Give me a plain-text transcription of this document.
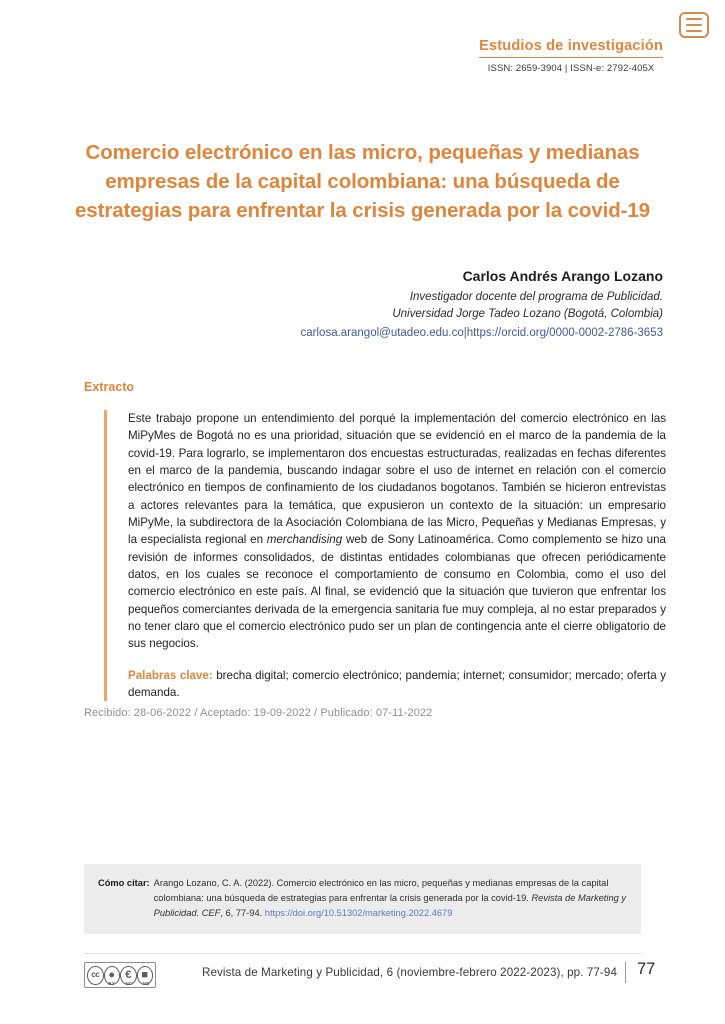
Estudios de investigación
ISSN: 2659-3904 | ISSN-e: 2792-405X
Comercio electrónico en las micro, pequeñas y medianas empresas de la capital colombiana: una búsqueda de estrategias para enfrentar la crisis generada por la covid-19
Carlos Andrés Arango Lozano
Investigador docente del programa de Publicidad.
Universidad Jorge Tadeo Lozano (Bogotá, Colombia)
carlosa.arangol@utadeo.edu.co|https://orcid.org/0000-0002-2786-3653
Extracto

Este trabajo propone un entendimiento del porqué la implementación del comercio electrónico en las MiPyMes de Bogotá no es una prioridad, situación que se evidenció en el marco de la pandemia de la covid-19. Para lograrlo, se implementaron dos encuestas estructuradas, realizadas en fechas diferentes en el marco de la pandemia, buscando indagar sobre el uso de internet en relación con el comercio electrónico en tiempos de confinamiento de los ciudadanos bogotanos. También se hicieron entrevistas a actores relevantes para la temática, que expusieron un contexto de la situación: un empresario MiPyMe, la subdirectora de la Asociación Colombiana de las Micro, Pequeñas y Medianas Empresas, y la especialista regional en merchandising web de Sony Latinoamérica. Como complemento se hizo una revisión de informes consolidados, de distintas entidades colombianas que ofrecen periódicamente datos, en los cuales se reconoce el comportamiento de consumo en Colombia, como el uso del comercio electrónico en este país. Al final, se evidenció que la situación que tuvieron que enfrentar los pequeños comerciantes derivada de la emergencia sanitaria fue muy compleja, al no estar preparados y no tener claro que el comercio electrónico pudo ser un plan de contingencia ante el cierre obligatorio de sus negocios.

Palabras clave: brecha digital; comercio electrónico; pandemia; internet; consumidor; mercado; oferta y demanda.

Recibido: 28-06-2022 / Aceptado: 19-09-2022 / Publicado: 07-11-2022
Cómo citar: Arango Lozano, C. A. (2022). Comercio electrónico en las micro, pequeñas y medianas empresas de la capital colombiana: una búsqueda de estrategias para enfrentar la crisis generada por la covid-19. Revista de Marketing y Publicidad. CEF, 6, 77-94. https://doi.org/10.51302/marketing.2022.4679
cc ● € ■
BY NC ND
Revista de Marketing y Publicidad, 6 (noviembre-febrero 2022-2023), pp. 77-94 77
